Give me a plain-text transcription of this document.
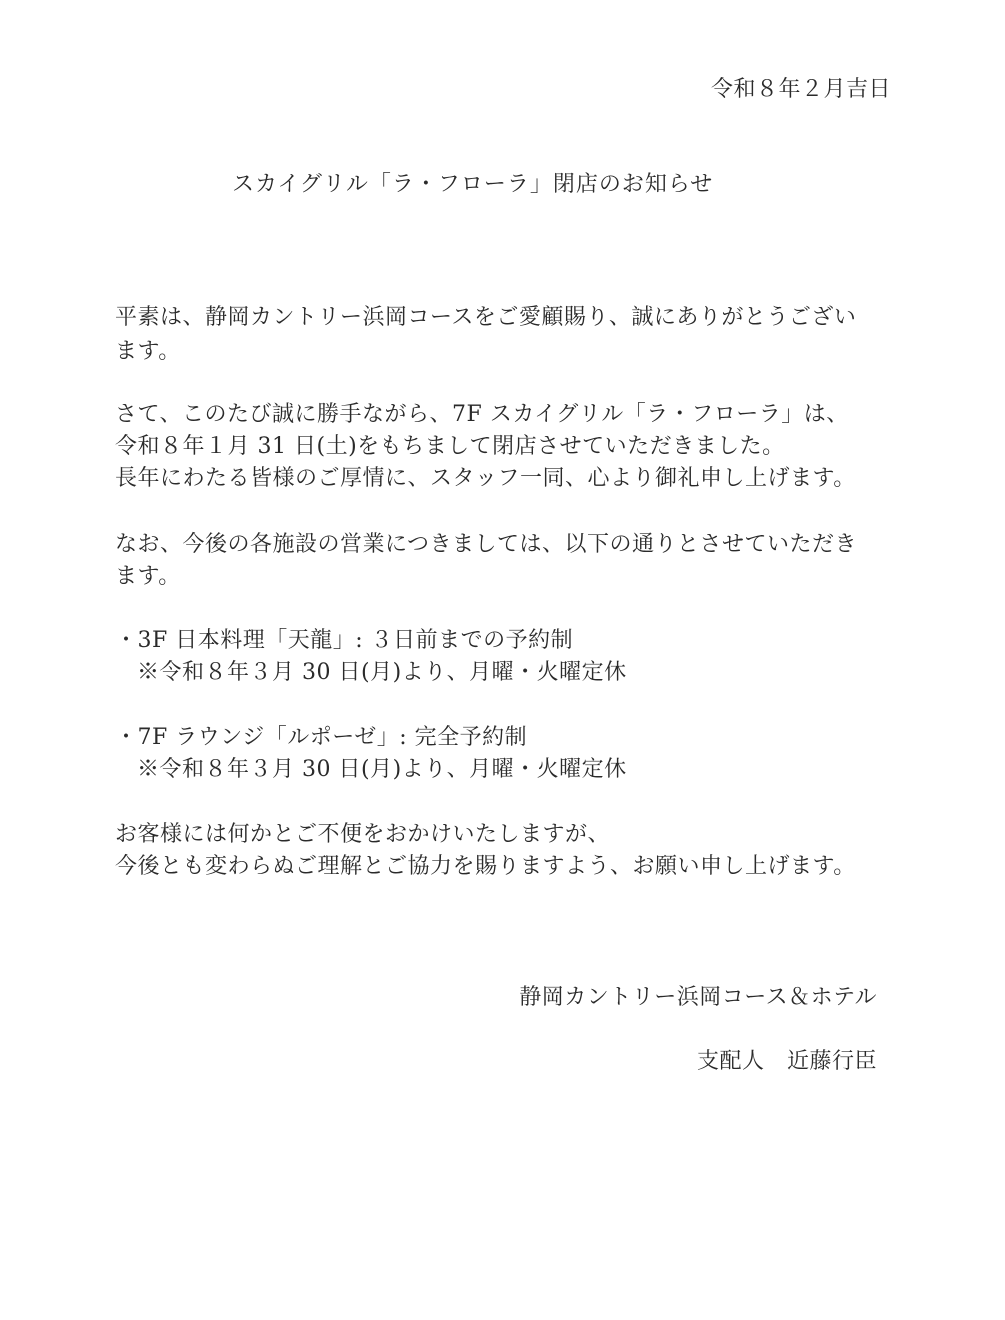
令和８年２月吉日
スカイグリル「ラ・フローラ」閉店のお知らせ
平素は、静岡カントリー浜岡コースをご愛顧賜り、誠にありがとうござい
ます。
さて、このたび誠に勝手ながら、7F スカイグリル「ラ・フローラ」は、
令和８年１月 31 日(土)をもちまして閉店させていただきました。
長年にわたる皆様のご厚情に、スタッフ一同、心より御礼申し上げます。
なお、今後の各施設の営業につきましては、以下の通りとさせていただき
ます。
・3F 日本料理「天龍」: ３日前までの予約制
※令和８年３月 30 日(月)より、月曜・火曜定休
・7F ラウンジ「ルポーゼ」: 完全予約制
※令和８年３月 30 日(月)より、月曜・火曜定休
お客様には何かとご不便をおかけいたしますが、
今後とも変わらぬご理解とご協力を賜りますよう、お願い申し上げます。
静岡カントリー浜岡コース＆ホテル
支配人　近藤行臣
